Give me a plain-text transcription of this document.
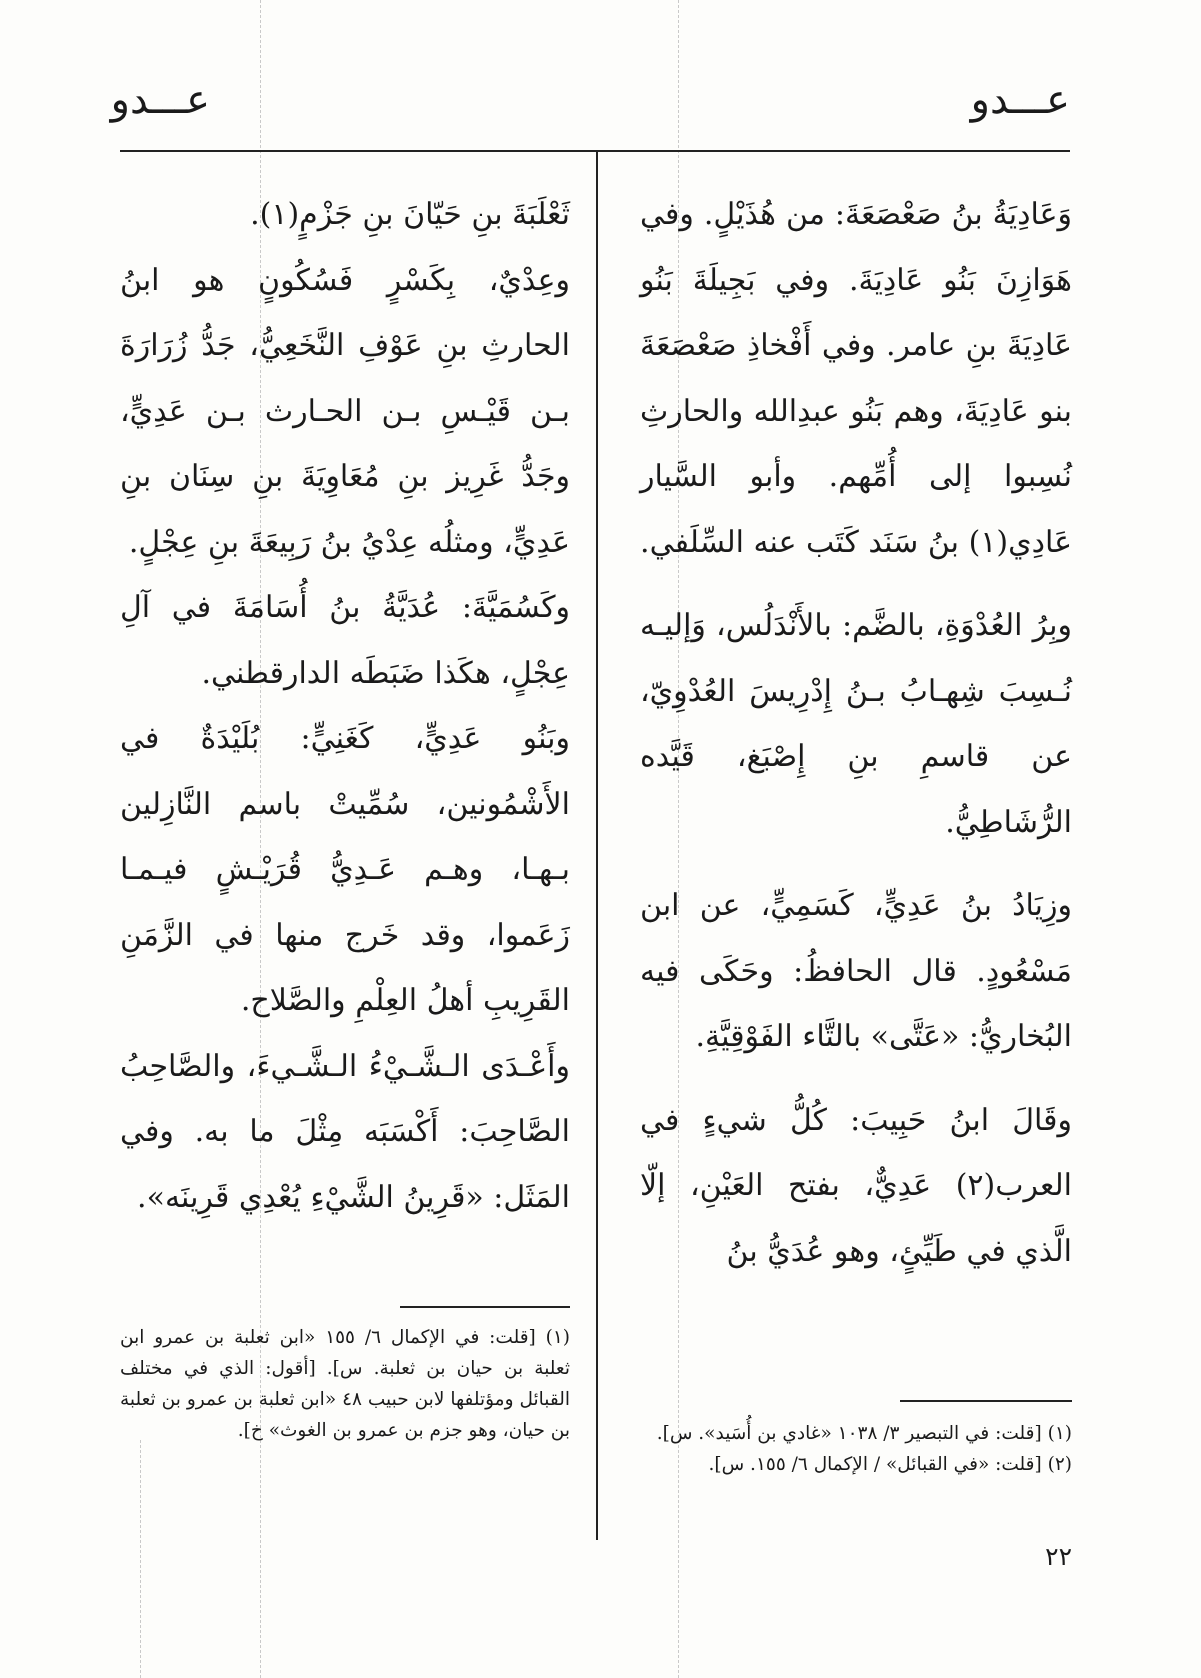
عـــدو
عـــدو

وَعَادِيَةُ بنُ صَعْصَعَةَ: من هُذَيْلٍ. وفي هَوَازِنَ بَنُو عَادِيَةَ. وفي بَجِيلَةَ بَنُو عَادِيَةَ بنِ عامر. وفي أَفْخاذِ صَعْصَعَةَ بنو عَادِيَةَ، وهم بَنُو عبدِالله والحارثِ نُسِبوا إلى أُمِّهم. وأبو السَّيار عَادِي(١) بنُ سَنَد كَتَب عنه السِّلَفي.

وبِرُ العُدْوَةِ، بالضَّم: بالأَنْدَلُس، وَإليـه نُـسِبَ شِهـابُ بـنُ إِدْرِيسَ العُدْوِيّ، عن قاسمِ بنِ إِصْبَغ، قَيَّده الرُّشَاطِيُّ.

وزِيَادُ بنُ عَدِيٍّ، كَسَمِيٍّ، عن ابن مَسْعُودٍ. قال الحافظُ: وحَكَى فيه البُخاريُّ: «عَتَّى» بالتَّاء الفَوْقِيَّةِ.

وقَالَ ابنُ حَبِيبَ: كُلُّ شيءٍ في العرب(٢) عَدِيٌّ، بفتح العَيْنِ، إلّا الَّذي في طَيِّئٍ، وهو عُدَيُّ بنُ

ثَعْلَبَةَ بنِ حَيّانَ بنِ جَزْمٍ(١).

وعِدْيٌ، بِكَسْرٍ فَسُكُونٍ هو ابنُ الحارثِ بنِ عَوْفِ النَّخَعِيُّ، جَدُّ زُرَارَةَ بـن قَيْـسِ بـن الحـارث بـن عَدِيٍّ، وجَدُّ غَرِيز بنِ مُعَاوِيَةَ بنِ سِنَان بنِ عَدِيٍّ، ومثلُه عِدْيُ بنُ رَبِيعَةَ بنِ عِجْلٍ.

وكَسُمَيَّةَ: عُدَيَّةُ بنُ أُسَامَةَ في آلِ عِجْلٍ، هكَذا ضَبَطَه الدارقطني.

وبَنُو عَدِيٍّ، كَغَنِيٍّ: بُلَيْدَةٌ في الأَشْمُونين، سُمِّيتْ باسم النَّازِلين بـهـا، وهـم عَـدِيُّ قُرَيْـشٍ فيـمـا زَعَموا، وقد خَرج منها في الزَّمَنِ القَرِيبِ أهلُ العِلْمِ والصَّلاح.

وأَعْـدَى الـشَّـيْءُ الـشَّـيءَ، والصَّاحِبُ الصَّاحِبَ: أَكْسَبَه مِثْلَ ما به. وفي المَثَل: «قَرِينُ الشَّيْءِ يُعْدِي قَرِينَه».

(١) [قلت: في التبصير ٣/ ١٠٣٨ «غادي بن أُسَيد». س].

(٢) [قلت: «في القبائل» / الإكمال ٦/ ١٥٥. س].

(١) [قلت: في الإكمال ٦/ ١٥٥ «ابن ثعلبة بن عمرو ابن ثعلبة بن حيان بن ثعلبة. س]. [أقول: الذي في مختلف القبائل ومؤتلفها لابن حبيب ٤٨ «ابن ثعلبة بن عمرو بن ثعلبة بن حيان، وهو جزم بن عمرو بن الغوث» خ].

٢٢
